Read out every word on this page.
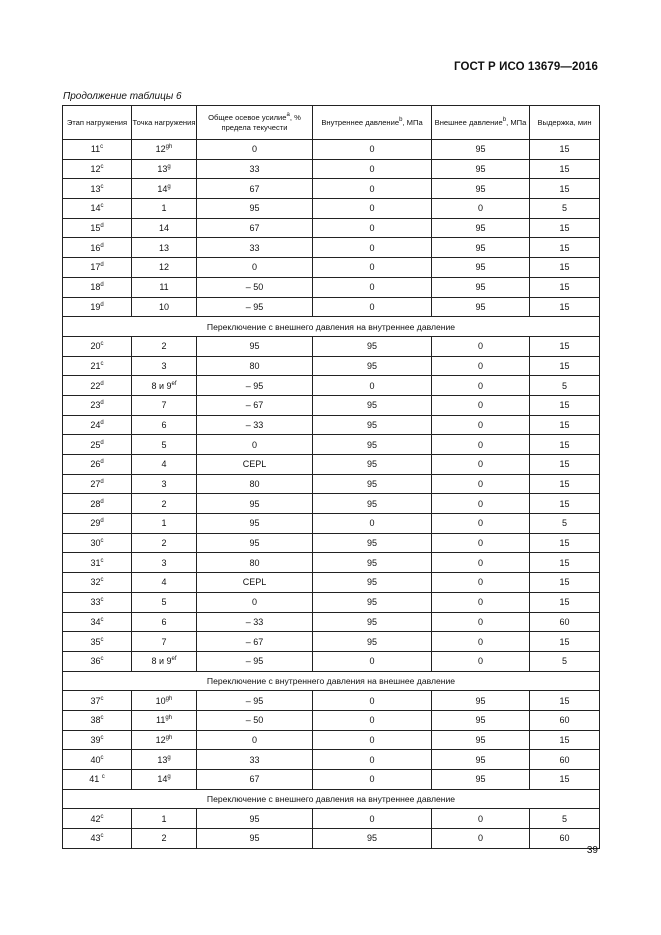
ГОСТ Р ИСО 13679—2016
Продолжение таблицы 6
Этап нагружения	Точка нагружения	Общее осевое усилие$^a$, % предела текучести	Внутреннее давление$^b$, МПа	Внешнее давление$^b$, МПа	Выдержка, мин
11$^c$	$12^{gh}$	0	0	95	15
12$^c$	13$^g$	33	0	95	15
13$^c$	14$^g$	67	0	95	15
14$^c$	1	95	0	0	5
15$^d$	14	67	0	95	15
16$^d$	13	33	0	95	15
17$^d$	12	0	0	95	15
18$^d$	11	– 50	0	95	15
19$^d$	10	– 95	0	95	15
Переключение с внешнего давления на внутреннее давление					
20$^c$	2	95	95	0	15
21$^c$	3	80	95	0	15
22$^d$	8 и $9^{ef}$	– 95	0	0	5
23$^d$	7	– 67	95	0	15
24$^d$	6	– 33	95	0	15
25$^d$	5	0	95	0	15
26$^d$	4	CEPL	95	0	15
27$^d$	3	80	95	0	15
28$^d$	2	95	95	0	15
29$^d$	1	95	0	0	5
30$^c$	2	95	95	0	15
31$^c$	3	80	95	0	15
32$^c$	4	CEPL	95	0	15
33$^c$	5	0	95	0	15
34$^c$	6	– 33	95	0	60
35$^c$	7	– 67	95	0	15
36$^c$	8 и $9^{ef}$	– 95	0	0	5
Переключение с внутреннего давления на внешнее давление					
37$^c$	$10^{gh}$	– 95	0	95	15
38$^c$	$11^{gh}$	– 50	0	95	60
39$^c$	$12^{gh}$	0	0	95	15
40$^c$	13$^g$	33	0	95	60
41 $^c$	14$^g$	67	0	95	15
Переключение с внешнего давления на внутреннее давление					
42$^c$	1	95	0	0	5
43$^c$	2	95	95	0	60
39
